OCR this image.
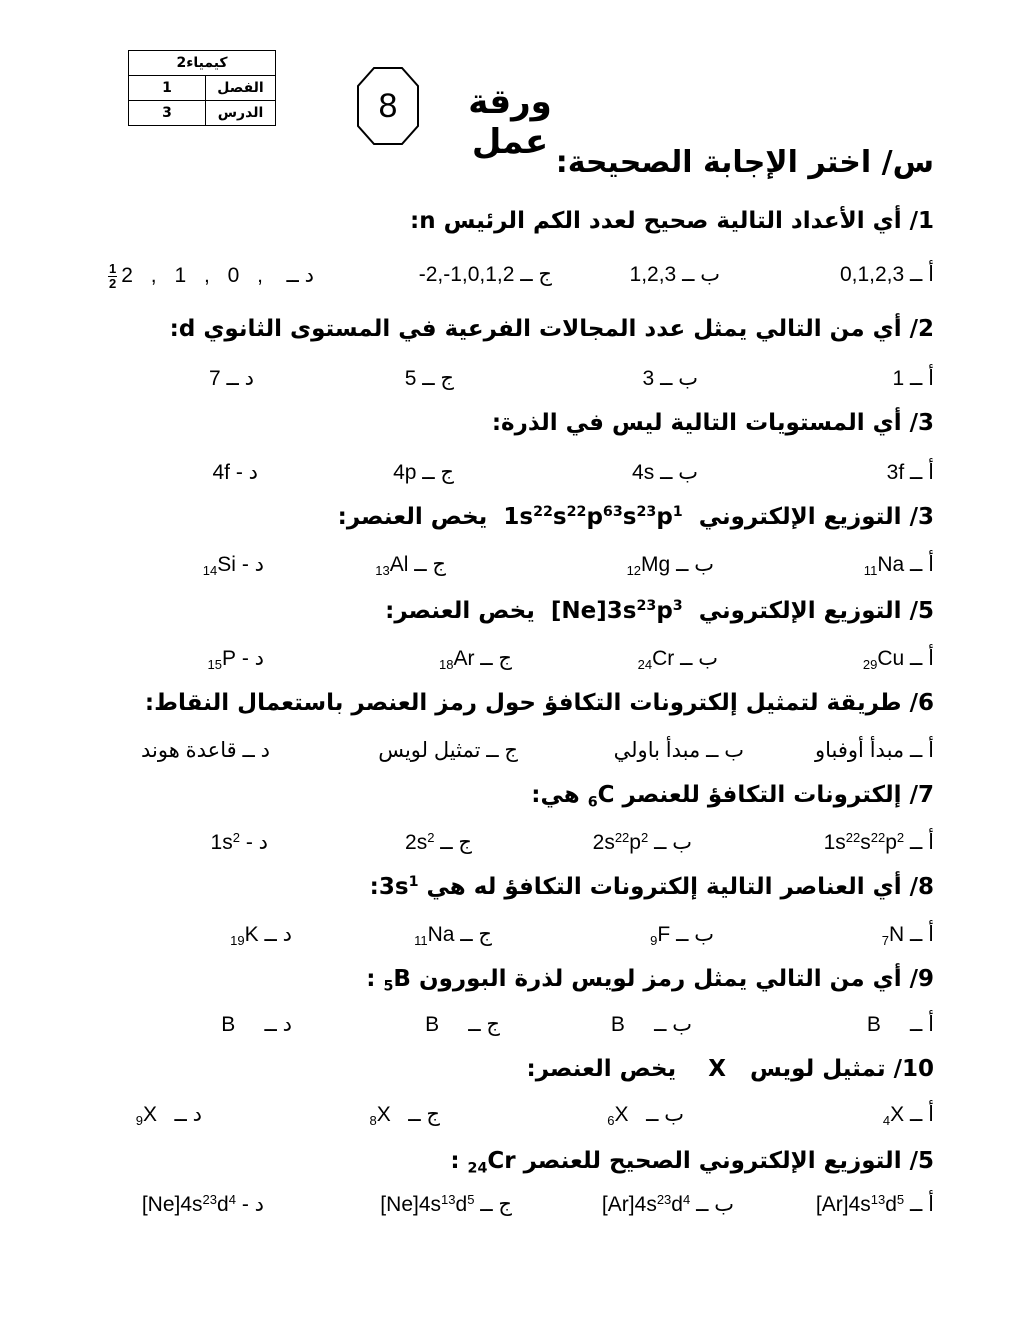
كيمياء2	
1	الفصل
3	الدرس	8	ورقة عمل
س/ اختر الإجابة الصحيحة:
1/ أي الأعداد التالية صحيح لعدد الكم الرئيس n:
أ ــ 0,1,2,3
ب ــ 1,2,3
ج ــ -2,-1,0,1,2
د ــ
$\frac{1}{2} 2$ , 1 , 0 ,
2/ أي من التالي يمثل عدد المجالات الفرعية في المستوى الثانوي d:
أ ــ 1
ب ــ 3
ج ــ 5
د ــ 7
3/ أي المستويات التالية ليس في الذرة:
أ ــ 3f
ب ــ 4s
ج ــ 4p
د - 4f
3/ التوزيع الإلكتروني  $1s^{22}s^{22}p^{63}s^{23}p^1$  يخص العنصر:
أ ــ $_{11}$Na
ب ــ $_{12}$Mg
ج ــ $_{13}$Al
د - $_{14}$Si
5/ التوزيع الإلكتروني  $[Ne]3s^{23}p^3$  يخص العنصر:
أ ــ $_{29}$Cu
ب ــ $_{24}$Cr
ج ــ $_{18}$Ar
د - $_{15}$P
6/ طريقة لتمثيل إلكترونات التكافؤ حول رمز العنصر باستعمال النقاط:
أ ــ مبدأ أوفباو
ب ــ مبدأ باولي
ج ــ تمثيل لويس
د ــ قاعدة هوند
7/ إلكترونات التكافؤ للعنصر $_6$C هي:
أ ــ $1s^{22}s^{22}p^2$
ب ــ $2s^{22}p^2$
ج ــ $2s^2$
د - $1s^2$
8/ أي العناصر التالية إلكترونات التكافؤ له هي $3s^1$:
أ ــ $_7$N
ب ــ $_9$F
ج ــ $_{11}$Na
د ــ $_{19}$K
9/ أي من التالي يمثل رمز لويس لذرة البورون $_5$B :
أ ــ     B
ب ــ     B
ج ــ     B
د ــ     B
10/ تمثيل لويس   X    يخص العنصر:
أ ــ $_4$X
ب ــ   $_6$X
ج ــ   $_8$X
د ــ   $_9$X
5/ التوزيع الإلكتروني الصحيح للعنصر $_{24}$Cr :
أ ــ $[Ar]4s^{13}d^5$
ب ــ $[Ar]4s^{23}d^4$
ج ــ $[Ne]4s^{13}d^5$
د - $[Ne]4s^{23}d^4$
